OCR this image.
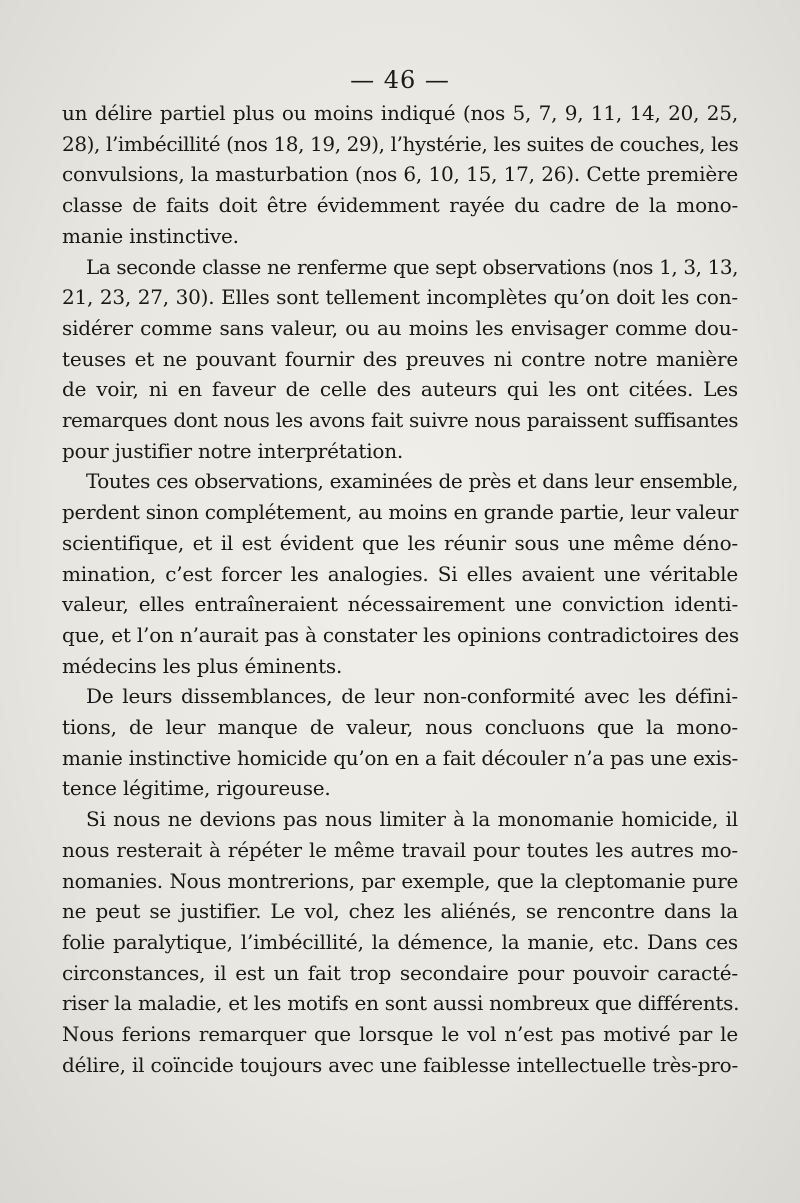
— 46 —
un délire partiel plus ou moins indiqué (nos 5, 7, 9, 11, 14, 20, 25,
28), l’imbécillité (nos 18, 19, 29), l’hystérie, les suites de couches, les
convulsions, la masturbation (nos 6, 10, 15, 17, 26). Cette première
classe de faits doit être évidemment rayée du cadre de la mono-
manie instinctive.
La seconde classe ne renferme que sept observations (nos 1, 3, 13,
21, 23, 27, 30). Elles sont tellement incomplètes qu’on doit les con-
sidérer comme sans valeur, ou au moins les envisager comme dou-
teuses et ne pouvant fournir des preuves ni contre notre manière
de voir, ni en faveur de celle des auteurs qui les ont citées. Les
remarques dont nous les avons fait suivre nous paraissent suffisantes
pour justifier notre interprétation.
Toutes ces observations, examinées de près et dans leur ensemble,
perdent sinon complétement, au moins en grande partie, leur valeur
scientifique, et il est évident que les réunir sous une même déno-
mination, c’est forcer les analogies. Si elles avaient une véritable
valeur, elles entraîneraient nécessairement une conviction identi-
que, et l’on n’aurait pas à constater les opinions contradictoires des
médecins les plus éminents.
De leurs dissemblances, de leur non-conformité avec les défini-
tions, de leur manque de valeur, nous concluons que la mono-
manie instinctive homicide qu’on en a fait découler n’a pas une exis-
tence légitime, rigoureuse.
Si nous ne devions pas nous limiter à la monomanie homicide, il
nous resterait à répéter le même travail pour toutes les autres mo-
nomanies. Nous montrerions, par exemple, que la cleptomanie pure
ne peut se justifier. Le vol, chez les aliénés, se rencontre dans la
folie paralytique, l’imbécillité, la démence, la manie, etc. Dans ces
circonstances, il est un fait trop secondaire pour pouvoir caracté-
riser la maladie, et les motifs en sont aussi nombreux que différents.
Nous ferions remarquer que lorsque le vol n’est pas motivé par le
délire, il coïncide toujours avec une faiblesse intellectuelle très-pro-
